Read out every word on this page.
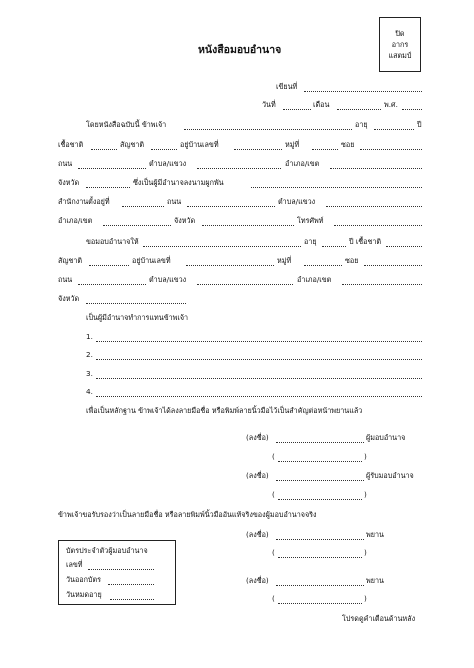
ปิด
อากร
แสตมป์
หนังสือมอบอำนาจ
เขียนที่
วันที่	เดือน	พ.ศ.
โดยหนังสือฉบับนี้ ข้าพเจ้า	อายุ	ปี
เชื้อชาติ	สัญชาติ	อยู่บ้านเลขที่	หมู่ที่	ซอย
ถนน	ตำบล/แขวง	อำเภอ/เขต
จังหวัด	ซึ่งเป็นผู้มีอำนาจลงนามผูกพัน
สำนักงานตั้งอยู่ที่	ถนน	ตำบล/แขวง
อำเภอ/เขต	จังหวัด	โทรศัพท์
ขอมอบอำนาจให้	อายุ	ปี เชื้อชาติ
สัญชาติ	อยู่บ้านเลขที่	หมู่ที่	ซอย
ถนน	ตำบล/แขวง	อำเภอ/เขต
จังหวัด
เป็นผู้มีอำนาจทำการแทนข้าพเจ้า
1.
2.
3.
4.
เพื่อเป็นหลักฐาน ข้าพเจ้าได้ลงลายมือชื่อ หรือพิมพ์ลายนิ้วมือไว้เป็นสำคัญต่อหน้าพยานแล้ว
(ลงชื่อ)	ผู้มอบอำนาจ
(	)
(ลงชื่อ)	ผู้รับมอบอำนาจ
(	)
ข้าพเจ้าขอรับรองว่าเป็นลายมือชื่อ หรือลายพิมพ์นิ้วมืออันแท้จริงของผู้มอบอำนาจจริง
(ลงชื่อ)	พยาน
(	)
(ลงชื่อ)	พยาน
(	)
บัตรประจำตัวผู้มอบอำนาจ
เลขที่
วันออกบัตร
วันหมดอายุ
โปรดดูคำเตือนด้านหลัง
